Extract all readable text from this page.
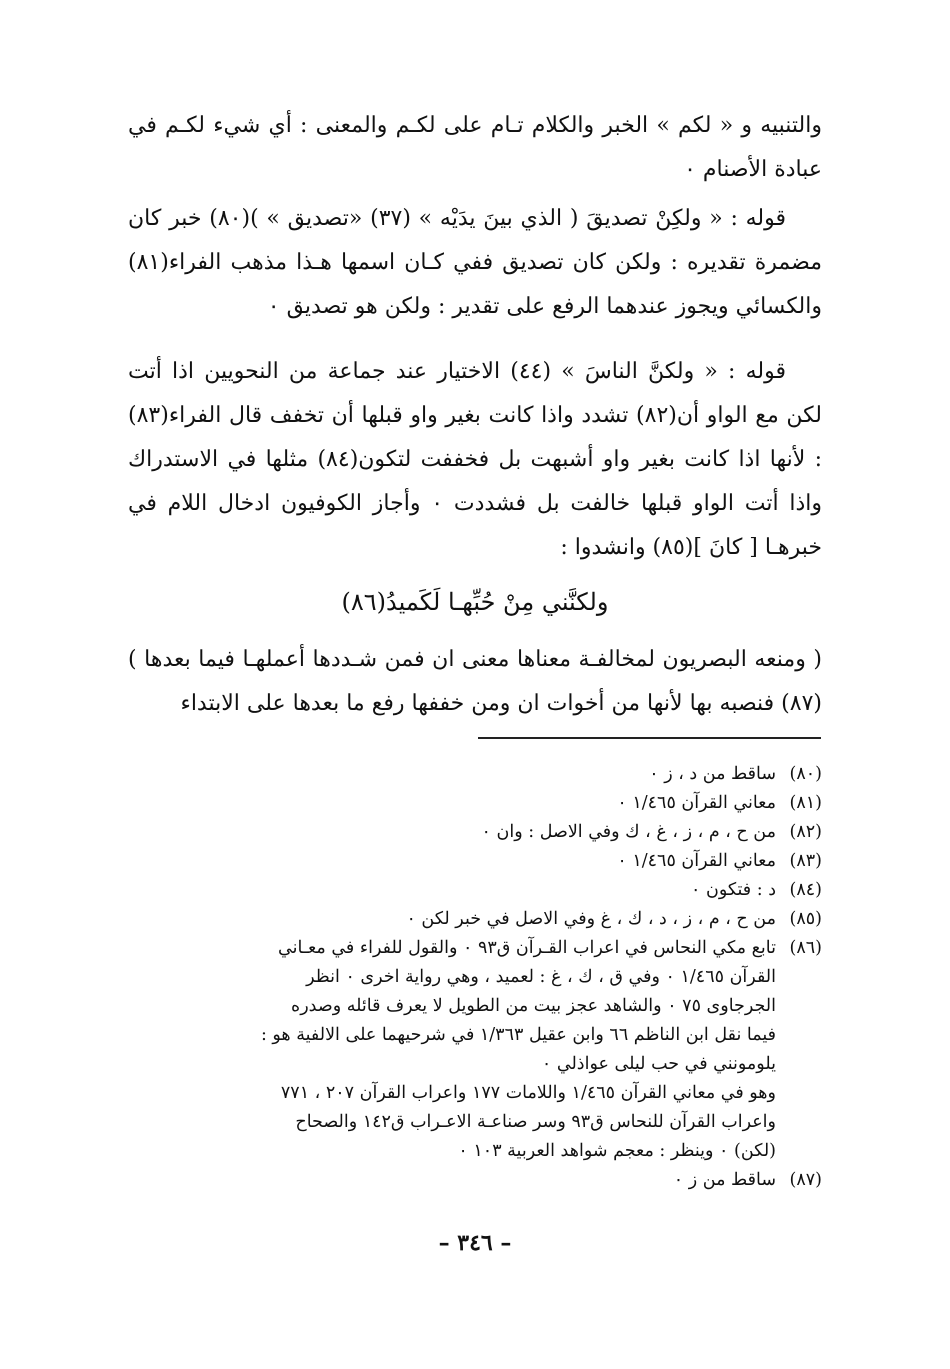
والتنبيه و « لكم » الخبر والكلام تـام على لكـم والمعنى : أي شيء لكـم في عبادة الأصنام ٠

قوله : « ولكِنْ تصديقَ ( الذي بينَ يدَيْه » (٣٧) «تصديق » )(٨٠) خبر كان مضمرة تقديره : ولكن كان تصديق ففي كـان اسمها هـذا مذهب الفراء(٨١) والكسائي ويجوز عندهما الرفع على تقدير : ولكن هو تصديق ٠

قوله : « ولكنَّ الناسَ » (٤٤) الاختيار عند جماعة من النحويين اذا أتت لكن مع الواو أن(٨٢) تشدد واذا كانت بغير واو قبلها أن تخفف قال الفراء(٨٣) : لأنها اذا كانت بغير واو أشبهت بل فخففت لتكون(٨٤) مثلها في الاستدراك واذا أتت الواو قبلها خالفت بل فشددت ٠ وأجاز الكوفيون ادخال اللام في خبرهـا [ كانَ ](٨٥) وانشدوا :

ولكنَّني مِنْ حُبِّهـا لَكَميدُ(٨٦)

( ومنعه البصريون لمخالفـة معناها معنى ان فمن شـددها أعملهـا فيما بعدها )(٨٧) فنصبه بها لأنها من أخوات ان ومن خففها رفع ما بعدها على الابتداء

(٨٠)
ساقط من د ، ز ٠
(٨١)
معاني القرآن ١/٤٦٥ ٠
(٨٢)
من ح ، م ، ز ، غ ، ك وفي الاصل : وان ٠
(٨٣)
معاني القرآن ١/٤٦٥ ٠
(٨٤)
د : فتكون ٠
(٨٥)
من ح ، م ، ز ، د ، ك ، غ وفي الاصل في خبر لكن ٠
(٨٦)
تابع مكي النحاس في اعراب القـرآن ق٩٣ ٠ والقول للفراء في معـاني
القرآن ١/٤٦٥ ٠ وفي ق ، ك ، غ : لعميد ، وهي رواية اخرى ٠ انظر
الجرجاوى ٧٥ ٠ والشاهد عجز بيت من الطويل لا يعرف قائله وصدره
فيما نقل ابن الناظم ٦٦ وابن عقيل ١/٣٦٣ في شرحيهما على الالفية هو :
يلومونني في حب ليلى عواذلي ٠
وهو في معاني القرآن ١/٤٦٥ واللامات ١٧٧ واعراب القرآن ٢٠٧ ، ٧٧١
واعراب القرآن للنحاس ق٩٣ وسر صناعـة الاعـراب ق١٤٢ والصحاح
(لكن) ٠ وينظر : معجم شواهد العربية ١٠٣ ٠
(٨٧)
ساقط من ز ٠
– ٣٤٦ –
